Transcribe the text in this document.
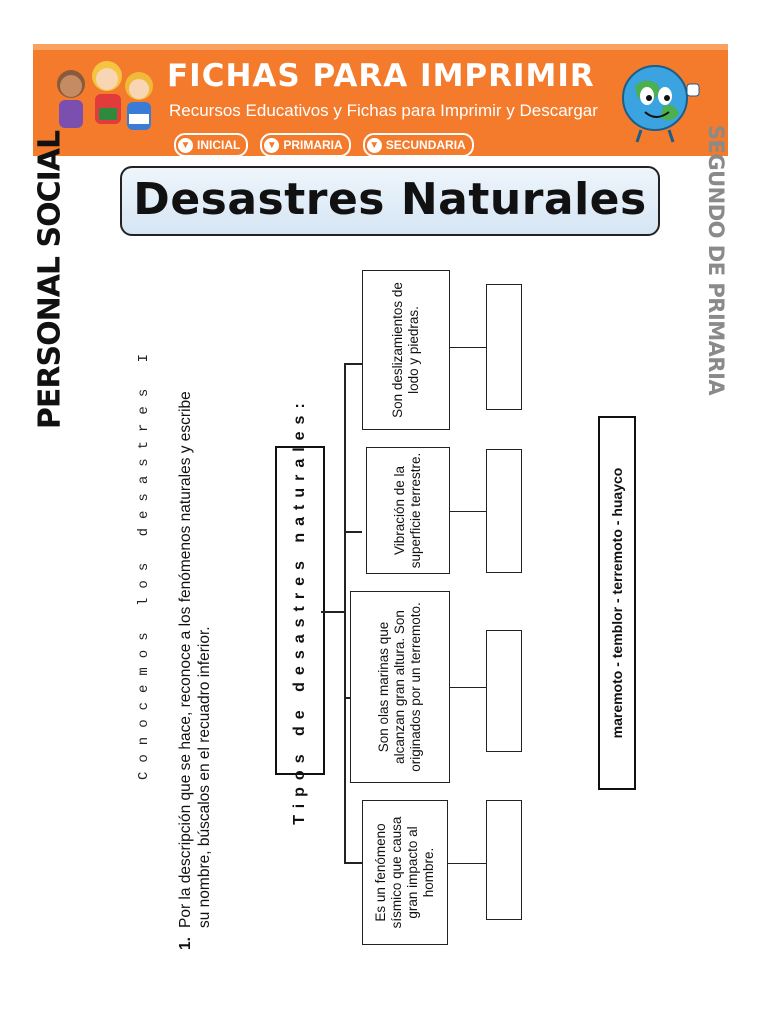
FICHAS PARA IMPRIMIR
Recursos Educativos y Fichas para Imprimir y Descargar
▼ INICIAL	▼ PRIMARIA	▼ SECUNDARIA
Desastres Naturales
PERSONAL SOCIAL	SEGUNDO DE PRIMARIA
Conocemos los desastres I
1.
Por la descripción que se hace, reconoce a los fenómenos naturales y escribe su nombre, búscalos en el recuadro inferior.	Tipos de desastres naturales:
Es un fenómeno sísmico que causa gran impacto al hombre.
Son olas marinas que alcanzan gran altura. Son originados por un terremoto.
Vibración de la superficie terrestre.
Son deslizamientos de lodo y piedras.
maremoto - temblor - terremoto - huayco
